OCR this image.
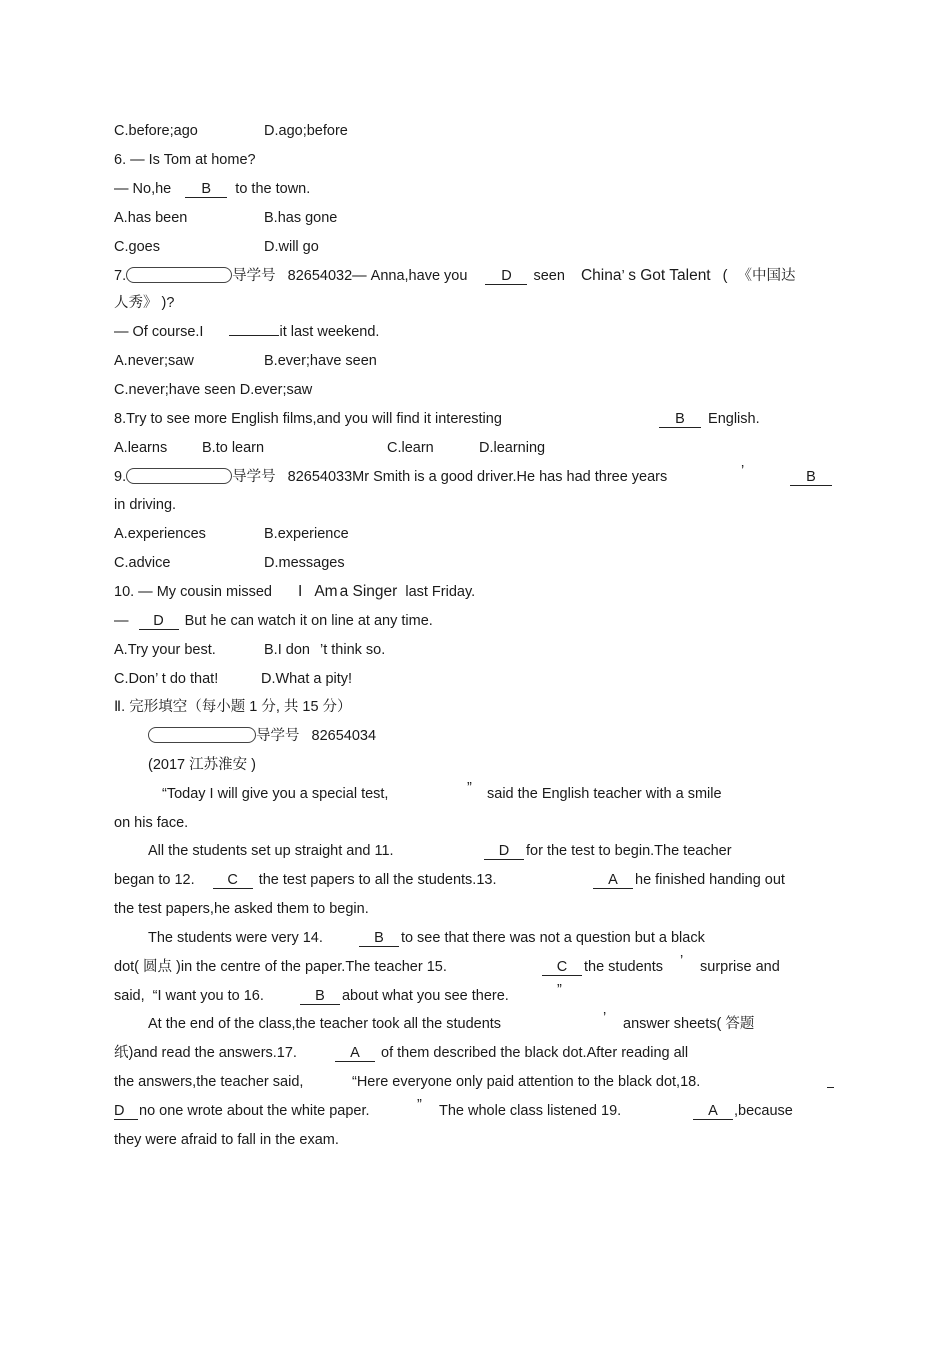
C.before;ago	D.ago;before
6. — Is Tom at home?
— No,he B to the town.
A.has been	B.has gone
C.goes	D.will go
7.	导学号 82654032— Anna,have you D seen China’ s Got Talent ( 《中国达
人秀》 )?
— Of course.I	it last weekend.
A.never;saw	B.ever;have seen
C.never;have seen D.ever;saw
8.Try to see more English films,and you will find it interesting	B English.
A.learns B.to learn	C.learn	D.learning
9.	导学号 82654033Mr Smith is a good driver.He has had three years	’	B
in driving.
A.experiences	B.experience
C.advice	D.messages
10. — My cousin missed I Am a Singer last Friday.
— D But he can watch it on line at any time.
A.Try your best.	B.I don ’t think so.
C.Don’ t do that!	D.What a pity!
Ⅱ. 完形填空（每小题 1 分, 共 15 分）
导学号 82654034
(2017 江苏淮安 )
“Today I will give you a special test,	” said the English teacher with a smile
on his face.
All the students set up straight and 11.	D for the test to begin.The teacher
began to 12. C the test papers to all the students.13.	A he finished handing out
the test papers,he asked them to begin.
The students were very 14.	B to see that there was not a question but a black
dot( 圆点 )in the centre of the paper.The teacher 15.	C the students ’ surprise and
said, “I want you to 16.	B about what you see there.	”
At the end of the class,the teacher took all the students	’ answer sheets( 答题
纸)and read the answers.17.	A of them described the black dot.After reading all
the answers,the teacher said,	“Here everyone only paid attention to the black dot,18.
D no one wrote about the white paper.	” The whole class listened 19.	A ,because
they were afraid to fall in the exam.
